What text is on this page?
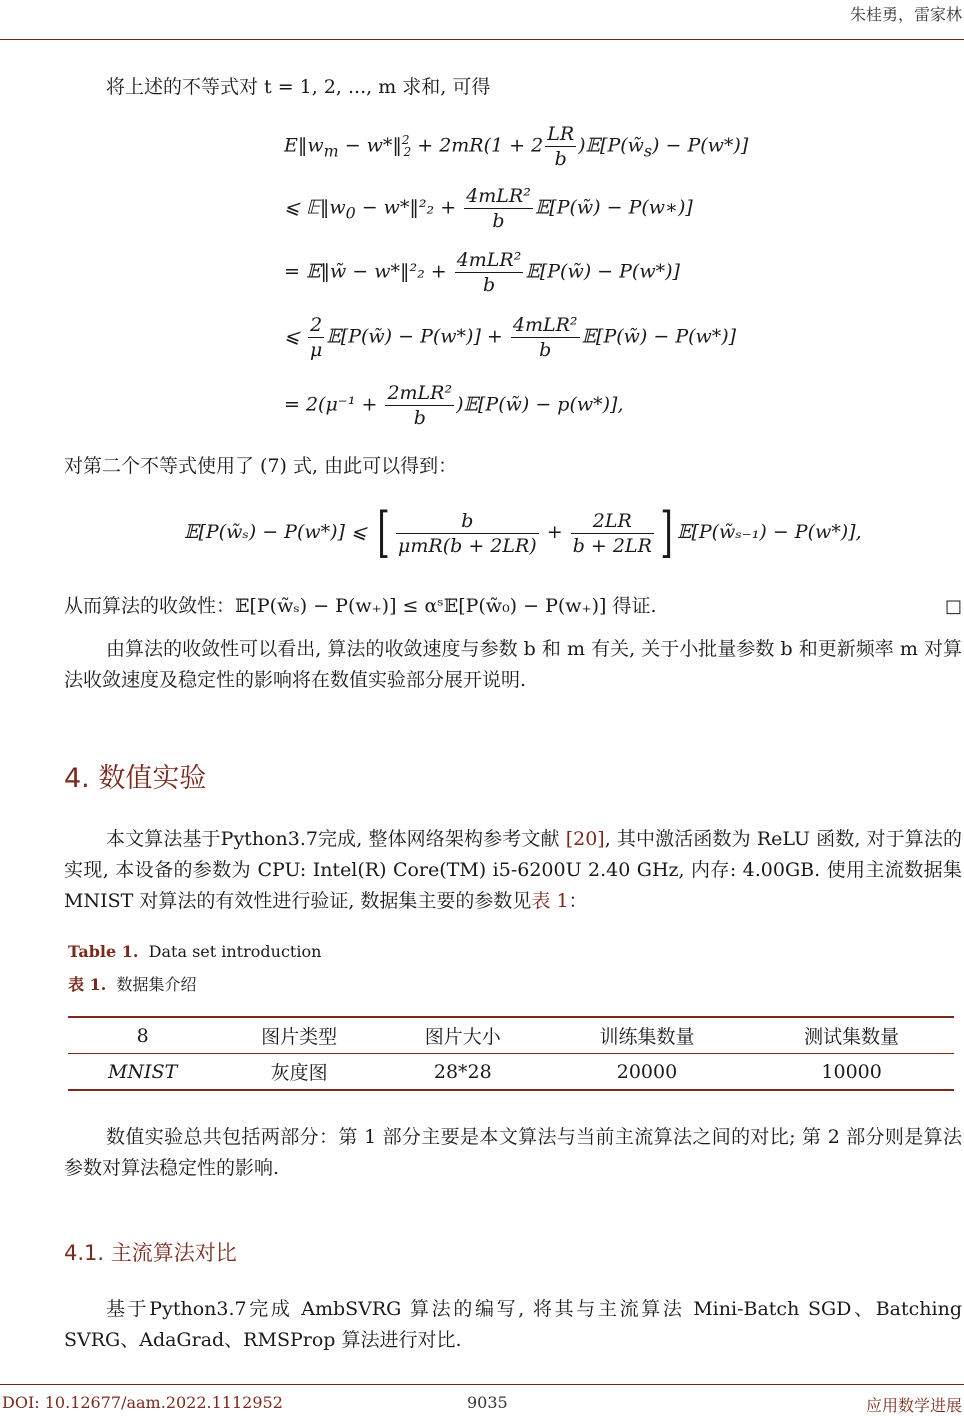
朱桂勇，雷家林
将上述的不等式对 t = 1, 2, ..., m 求和, 可得
$E‖w_m$ − w*‖$^2_2$ + $2mR(1 + 2 \frac{LR}{b}$ )$𝔼[P(w̃_s) - P(w*)]$
⩽ $𝔼‖w_0$ − w*‖²₂ + $\frac{\text{4mLR²}}{b}$ 𝔼[P(w̃) − P(w∗)]
= 𝔼‖w̃ − w*‖²₂ + $\frac{\text{4mLR²}}{b}$ 𝔼[P(w̃) − P(w*)]
⩽ $\frac{2}{\mu}$ 𝔼[P(w̃) − $P(w*)] + \frac{\text{4mLR²}}{b}$ 𝔼[P(w̃) − P(w*)]
= $2(\mu^{-1} + \frac{\text{2mLR²}}{b}$ )𝔼[P(w̃) − p(w*)],
对第二个不等式使用了 (7) 式, 由此可以得到：
𝔼[P(w̃ₛ) − P(w*)] ⩽ [ $\frac{b}{\text{μmR(b + 2LR)}} + \frac{2LR}{b + 2LR}$ ] 𝔼[P(w̃ₛ₋₁) − P(w*)],
从而算法的收敛性：𝔼[P(w̃ₛ) − P(w₊)] ≤ αˢ𝔼[P(w̃₀) − P(w₊)] 得证.	□
由算法的收敛性可以看出, 算法的收敛速度与参数 b 和 m 有关, 关于小批量参数 b 和更新频率 m 对算法收敛速度及稳定性的影响将在数值实验部分展开说明.
4. 数值实验
本文算法基于Python3.7完成, 整体网络架构参考文献 [20], 其中激活函数为 ReLU 函数, 对于算法的实现, 本设备的参数为 CPU: Intel(R) Core(TM) i5-6200U 2.40 GHz, 内存: 4.00GB. 使用主流数据集 MNIST 对算法的有效性进行验证, 数据集主要的参数见表 1：
Table 1. Data set introduction
表 1. 数据集介绍
8	图片类型	图片大小	训练集数量	测试集数量
MNIST	灰度图	28*28	20000	10000
数值实验总共包括两部分：第 1 部分主要是本文算法与当前主流算法之间的对比; 第 2 部分则是算法参数对算法稳定性的影响.
4.1. 主流算法对比
基于Python3.7完成 AmbSVRG 算法的编写, 将其与主流算法 Mini-Batch SGD、Batching SVRG、AdaGrad、RMSProp 算法进行对比.
DOI: 10.12677/aam.2022.1112952	9035	应用数学进展
